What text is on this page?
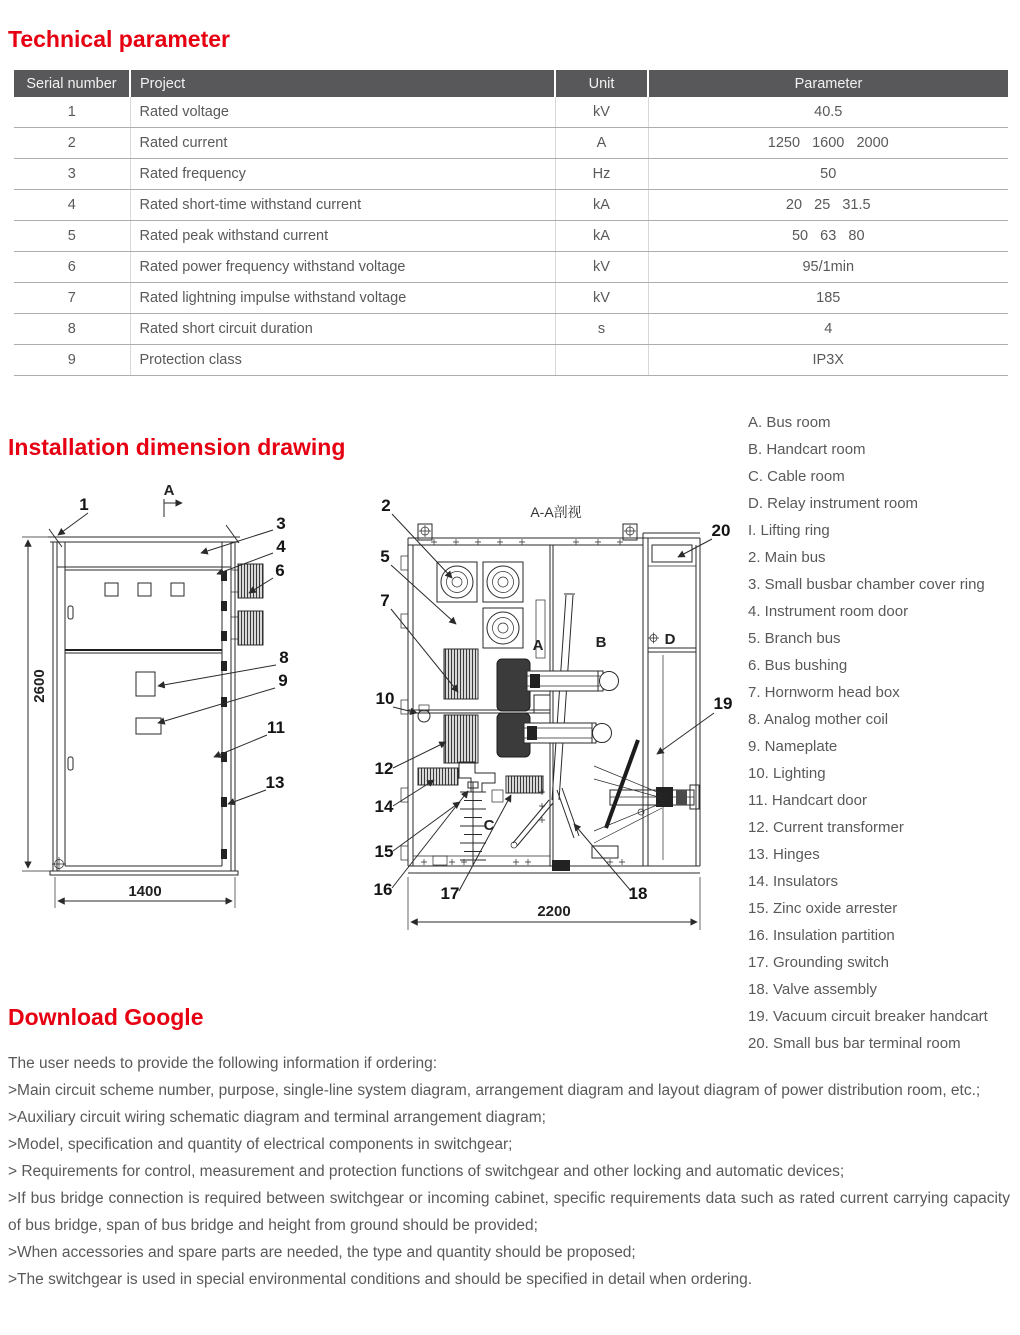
Technical parameter
Serial number	Project	Unit	Parameter
1	Rated voltage	kV	40.5
2	Rated current	A	1250   1600   2000
3	Rated frequency	Hz	50
4	Rated short-time withstand current	kA	20   25   31.5
5	Rated peak withstand current	kA	50   63   80
6	Rated power frequency withstand voltage	kV	95/1min
7	Rated lightning impulse withstand voltage	kV	185
8	Rated short circuit duration	s	4
9	Protection class		IP3X
Installation dimension drawing
A
2600
1400
1
3
4
6
8
9
11
13
A-A剖视
A	B
C
D
2200
2
5
7
10
12
14
15
16	17	18
19
20
A. Bus room
B. Handcart room
C. Cable room
D. Relay instrument room
I. Lifting ring
2. Main bus
3. Small busbar chamber cover ring
4. Instrument room door
5. Branch bus
6. Bus bushing
7. Hornworm head box
8. Analog mother coil
9. Nameplate
10. Lighting
11. Handcart door
12. Current transformer
13. Hinges
14. Insulators
15. Zinc oxide arrester
16. Insulation partition
17. Grounding switch
18. Valve assembly
19. Vacuum circuit breaker handcart
20. Small bus bar terminal room
Download Google

The user needs to provide the following information if ordering:

>Main circuit scheme number, purpose, single-line system diagram, arrangement diagram and layout diagram of power distribution room, etc.;

>Auxiliary circuit wiring schematic diagram and terminal arrangement diagram;

>Model, specification and quantity of electrical components in switchgear;

> Requirements for control, measurement and protection functions of switchgear and other locking and automatic devices;

>If bus bridge connection is required between switchgear or incoming cabinet, specific requirements data such as rated current carrying capacity of bus bridge, span of bus bridge and height from ground should be provided;

>When accessories and spare parts are needed, the type and quantity should be proposed;

>The switchgear is used in special environmental conditions and should be specified in detail when ordering.
